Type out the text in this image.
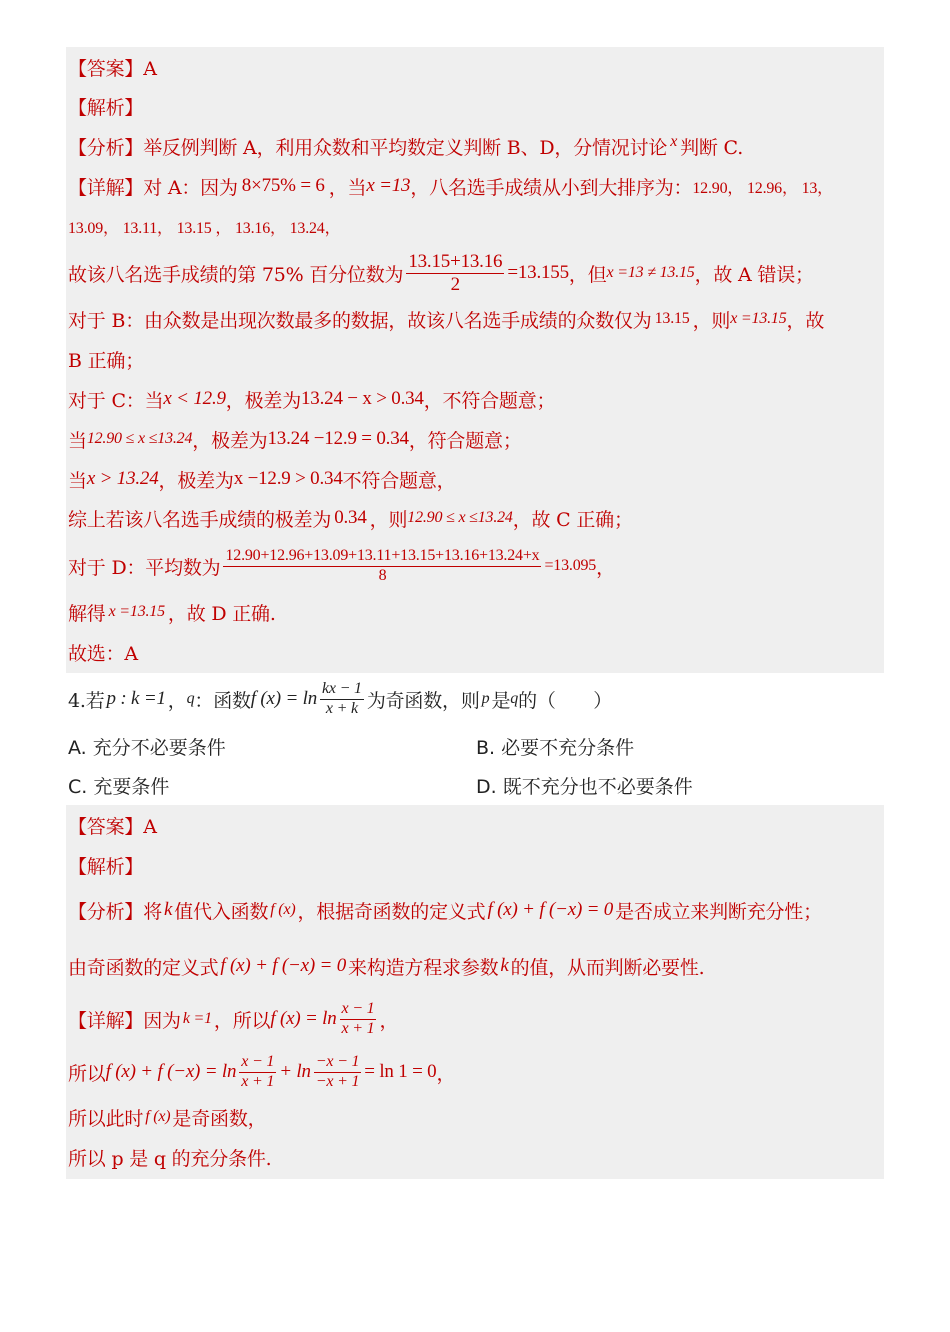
【答案】A
【解析】
【分析】 举反例判断 A，利用众数和平均数定义判断 B、D，分情况讨论 x 判断 C.
【详解】 对 A：因为 8×75% = 6 ，当 x =13 ，八名选手成绩从小到大排序为： 12.90， 12.96， 13，
13.09， 13.11， 13.15 ， 13.16， 13.24，
故该八名选手成绩的第 75% 百分位数为 $\frac{13.15+13.16}{2} =13.155$ ，但 x =13 ≠ 13.15 ，故 A 错误；
对于 B：由众数是出现次数最多的数据，故该八名选手成绩的众数仅为 13.15 ，则 x =13.15 ，故
B 正确；
对于 C：当 x < 12.9 ，极差为 13.24 − x > 0.34 ，不符合题意；
当 12.90 ≤ x ≤13.24 ，极差为 13.24 −12.9 = 0.34 ，符合题意；
当 x > 13.24 ，极差为 x −12.9 > 0.34 不符合题意，
综上若该八名选手成绩的极差为 0.34 ，则 12.90 ≤ x ≤13.24 ，故 C 正确；
对于 D：平均数为 $\frac{12.90+12.96+13.09+13.11+13.15+13.16+13.24+x}{8} =13.095$ ，
解得 x =13.15 ，故 D 正确.
故选：A
4.若 p : k =1 ， q ：函数 f $(x) = \ln \frac{kx - 1}{x + k}$ 为奇函数，则 p 是 q 的（　　）
A. 充分不必要条件	B. 必要不充分条件
C. 充要条件	D. 既不充分也不必要条件
【答案】A
【解析】
【分析】 将 k 值代入函数 f (x) ，根据奇函数的定义式 f (x) + f (−x) = 0 是否成立来判断充分性；
由奇函数的定义式 f (x) + f (−x) = 0 来构造方程求参数 k 的值，从而判断必要性.
【详解】 因为 k =1 ，所以 f $(x) = \ln \frac{x - 1}{x + 1}$ ，
所以 f (x) + f $(-x) = \ln \frac{x - 1}{x + 1} + \ln \frac{-x - 1}{-x + 1} = \ln 1 = 0$ ，
所以此时 f (x) 是奇函数，
所以 p 是 q 的充分条件.
